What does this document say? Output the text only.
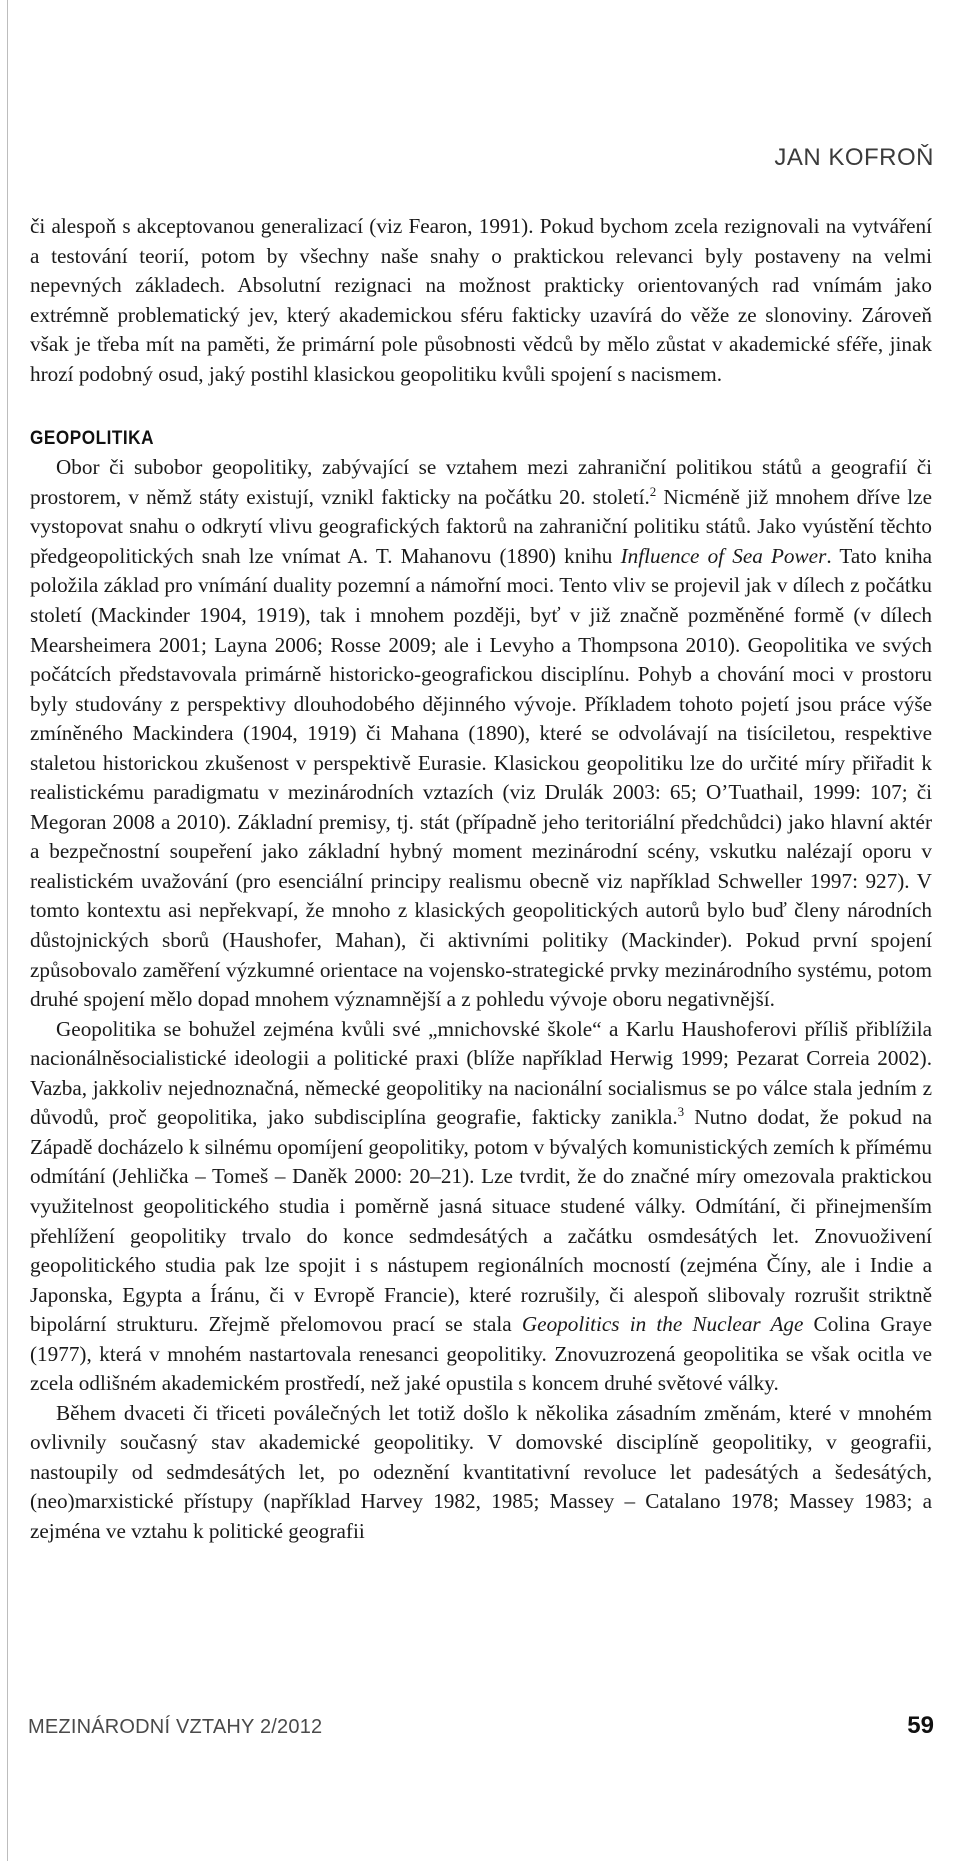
JAN KOFROŇ

či alespoň s akceptovanou generalizací (viz Fearon, 1991). Pokud bychom zcela rezignovali na vytváření a testování teorií, potom by všechny naše snahy o praktickou relevanci byly postaveny na velmi nepevných základech. Absolutní rezignaci na možnost prakticky orientovaných rad vnímám jako extrémně problematický jev, který akademickou sféru fakticky uzavírá do věže ze slonoviny. Zároveň však je třeba mít na paměti, že primární pole působnosti vědců by mělo zůstat v akademické sféře, jinak hrozí podobný osud, jaký postihl klasickou geopolitiku kvůli spojení s nacismem.

GEOPOLITIKA

Obor či subobor geopolitiky, zabývající se vztahem mezi zahraniční politikou států a geografií či prostorem, v němž státy existují, vznikl fakticky na počátku 20. století.$^2$ Nicméně již mnohem dříve lze vystopovat snahu o odkrytí vlivu geografických faktorů na zahraniční politiku států. Jako vyústění těchto předgeopolitických snah lze vnímat A. T. Mahanovu (1890) knihu Influence of Sea Power. Tato kniha položila základ pro vnímání duality pozemní a námořní moci. Tento vliv se projevil jak v dílech z počátku století (Mackinder 1904, 1919), tak i mnohem později, byť v již značně pozměněné formě (v dílech Mearsheimera 2001; Layna 2006; Rosse 2009; ale i Levyho a Thompsona 2010). Geopolitika ve svých počátcích představovala primárně historicko-geografickou disciplínu. Pohyb a chování moci v prostoru byly studovány z perspektivy dlouhodobého dějinného vývoje. Příkladem tohoto pojetí jsou práce výše zmíněného Mackindera (1904, 1919) či Mahana (1890), které se odvolávají na tisíciletou, respektive staletou historickou zkušenost v perspektivě Eurasie. Klasickou geopolitiku lze do určité míry přiřadit k realistickému paradigmatu v mezinárodních vztazích (viz Drulák 2003: 65; O’Tuathail, 1999: 107; či Megoran 2008 a 2010). Základní premisy, tj. stát (případně jeho teritoriální předchůdci) jako hlavní aktér a bezpečnostní soupeření jako základní hybný moment mezinárodní scény, vskutku nalézají oporu v realistickém uvažování (pro esenciální principy realismu obecně viz například Schweller 1997: 927). V tomto kontextu asi nepřekvapí, že mnoho z klasických geopolitických autorů bylo buď členy národních důstojnických sborů (Haushofer, Mahan), či aktivními politiky (Mackinder). Pokud první spojení způsobovalo zaměření výzkumné orientace na vojensko-strategické prvky mezinárodního systému, potom druhé spojení mělo dopad mnohem významnější a z pohledu vývoje oboru negativnější.

Geopolitika se bohužel zejména kvůli své „mnichovské škole“ a Karlu Haushoferovi příliš přiblížila nacionálněsocialistické ideologii a politické praxi (blíže například Herwig 1999; Pezarat Correia 2002). Vazba, jakkoliv nejednoznačná, německé geopolitiky na nacionální socialismus se po válce stala jedním z důvodů, proč geopolitika, jako subdisciplína geografie, fakticky zanikla.$^3$ Nutno dodat, že pokud na Západě docházelo k silnému opomíjení geopolitiky, potom v bývalých komunistických zemích k přímému odmítání (Jehlička – Tomeš – Daněk 2000: 20–21). Lze tvrdit, že do značné míry omezovala praktickou využitelnost geopolitického studia i poměrně jasná situace studené války. Odmítání, či přinejmenším přehlížení geopolitiky trvalo do konce sedmdesátých a začátku osmdesátých let. Znovuoživení geopolitického studia pak lze spojit i s nástupem regionálních mocností (zejména Číny, ale i Indie a Japonska, Egypta a Íránu, či v Evropě Francie), které rozrušily, či alespoň slibovaly rozrušit striktně bipolární strukturu. Zřejmě přelomovou prací se stala Geopolitics in the Nuclear Age Colina Graye (1977), která v mnohém nastartovala renesanci geopolitiky. Znovuzrozená geopolitika se však ocitla ve zcela odlišném akademickém prostředí, než jaké opustila s koncem druhé světové války.

Během dvaceti či třiceti poválečných let totiž došlo k několika zásadním změnám, které v mnohém ovlivnily současný stav akademické geopolitiky. V domovské disciplíně geopolitiky, v geografii, nastoupily od sedmdesátých let, po odeznění kvantitativní revoluce let padesátých a šedesátých, (neo)marxistické přístupy (například Harvey 1982, 1985; Massey – Catalano 1978; Massey 1983; a zejména ve vztahu k politické geografii

MEZINÁRODNÍ VZTAHY 2/2012	59
